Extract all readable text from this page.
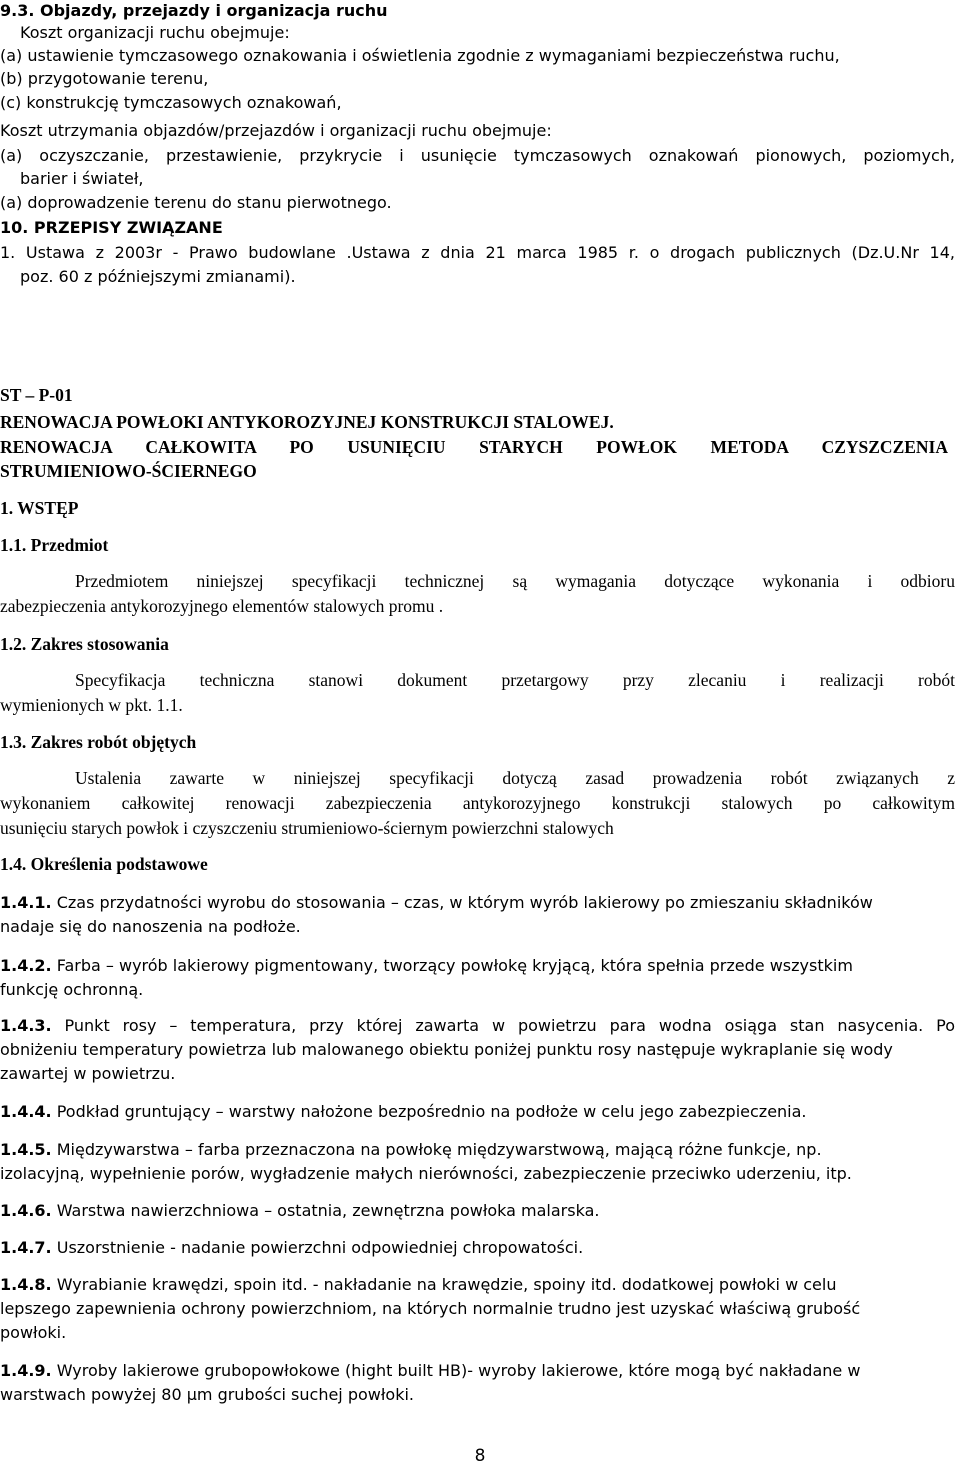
9.3. Objazdy, przejazdy i organizacja ruchu
Koszt organizacji ruchu obejmuje:
(a) ustawienie tymczasowego oznakowania i oświetlenia zgodnie z wymaganiami bezpieczeństwa ruchu,
(b) przygotowanie terenu,
(c) konstrukcję tymczasowych oznakowań,
Koszt utrzymania objazdów/przejazdów i organizacji ruchu obejmuje:
(a) oczyszczanie, przestawienie, przykrycie i usunięcie tymczasowych oznakowań pionowych, poziomych,
barier i świateł,
(a) doprowadzenie terenu do stanu pierwotnego.
10. PRZEPISY ZWIĄZANE
1. Ustawa z 2003r - Prawo budowlane .Ustawa z dnia 21 marca 1985 r. o drogach publicznych (Dz.U.Nr 14,
poz. 60 z późniejszymi zmianami).
ST – P-01
RENOWACJA POWŁOKI ANTYKOROZYJNEJ KONSTRUKCJI STALOWEJ.
RENOWACJA CAŁKOWITA PO USUNIĘCIU STARYCH POWŁOK METODA CZYSZCZENIA
STRUMIENIOWO-ŚCIERNEGO
1. WSTĘP
1.1. Przedmiot
Przedmiotem niniejszej specyfikacji technicznej są wymagania dotyczące wykonania i odbioru
zabezpieczenia antykorozyjnego elementów stalowych promu .
1.2. Zakres stosowania
Specyfikacja techniczna stanowi dokument przetargowy przy zlecaniu i realizacji robót
wymienionych w pkt. 1.1.
1.3. Zakres robót objętych
Ustalenia zawarte w niniejszej specyfikacji dotyczą zasad prowadzenia robót związanych z
wykonaniem całkowitej renowacji zabezpieczenia antykorozyjnego konstrukcji stalowych po całkowitym
usunięciu starych powłok i czyszczeniu strumieniowo-ściernym powierzchni stalowych
1.4. Określenia podstawowe
1.4.1. Czas przydatności wyrobu do stosowania – czas, w którym wyrób lakierowy po zmieszaniu składników
nadaje się do nanoszenia na podłoże.
1.4.2. Farba – wyrób lakierowy pigmentowany, tworzący powłokę kryjącą, która spełnia przede wszystkim
funkcję ochronną.
1.4.3. Punkt rosy – temperatura, przy której zawarta w powietrzu para wodna osiąga stan nasycenia. Po
obniżeniu temperatury powietrza lub malowanego obiektu poniżej punktu rosy następuje wykraplanie się wody
zawartej w powietrzu.
1.4.4. Podkład gruntujący – warstwy nałożone bezpośrednio na podłoże w celu jego zabezpieczenia.
1.4.5. Międzywarstwa – farba przeznaczona na powłokę międzywarstwową, mającą różne funkcje, np.
izolacyjną, wypełnienie porów, wygładzenie małych nierówności, zabezpieczenie przeciwko uderzeniu, itp.
1.4.6. Warstwa nawierzchniowa – ostatnia, zewnętrzna powłoka malarska.
1.4.7. Uszorstnienie - nadanie powierzchni odpowiedniej chropowatości.
1.4.8. Wyrabianie krawędzi, spoin itd. - nakładanie na krawędzie, spoiny itd. dodatkowej powłoki w celu
lepszego zapewnienia ochrony powierzchniom, na których normalnie trudno jest uzyskać właściwą grubość
powłoki.
1.4.9. Wyroby lakierowe grubopowłokowe (hight built HB)- wyroby lakierowe, które mogą być nakładane w
warstwach powyżej 80 μm grubości suchej powłoki.
8
